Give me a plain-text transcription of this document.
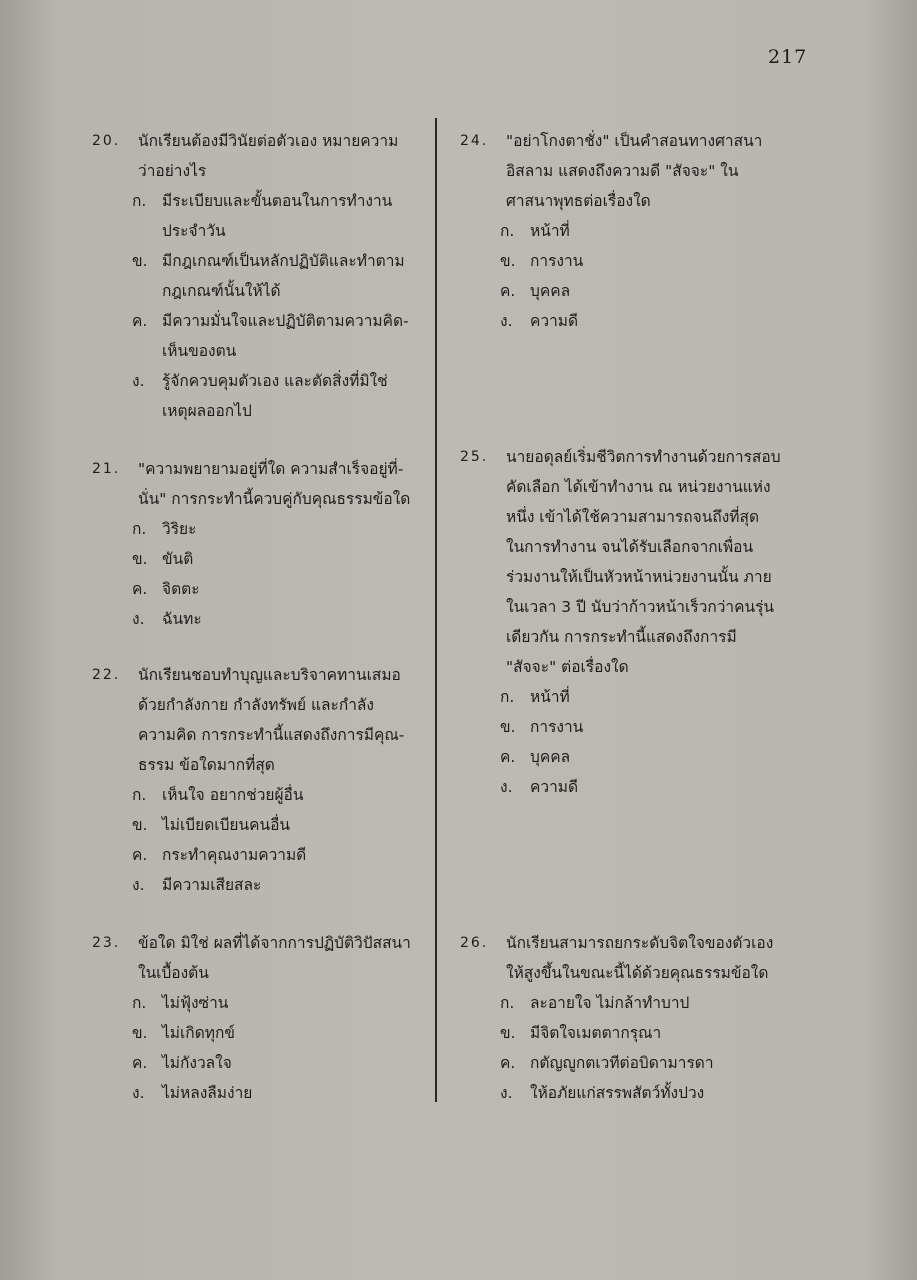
217
20.	นักเรียนต้องมีวินัยต่อตัวเอง หมายความ
ว่าอย่างไร
ก.	มีระเบียบและขั้นตอนในการทำงาน
ประจำวัน
ข. มีกฎเกณฑ์เป็นหลักปฏิบัติและทำตาม
กฎเกณฑ์นั้นให้ได้
ค. มีความมั่นใจและปฏิบัติตามความคิด-
เห็นของตน
ง.	รู้จักควบคุมตัวเอง และตัดสิ่งที่มิใช่
เหตุผลออกไป
21.	"ความพยายามอยู่ที่ใด ความสำเร็จอยู่ที่-
นั่น" การกระทำนี้ควบคู่กับคุณธรรมข้อใด
ก.	วิริยะ
ข. ขันติ
ค. จิตตะ
ง.	ฉันทะ
22.	นักเรียนชอบทำบุญและบริจาคทานเสมอ
ด้วยกำลังกาย กำลังทรัพย์ และกำลัง
ความคิด การกระทำนี้แสดงถึงการมีคุณ-
ธรรม ข้อใดมากที่สุด
ก.	เห็นใจ อยากช่วยผู้อื่น
ข. ไม่เบียดเบียนคนอื่น
ค. กระทำคุณงามความดี
ง.	มีความเสียสละ
23.	ข้อใด มิใช่ ผลที่ได้จากการปฏิบัติวิปัสสนา
ในเบื้องต้น
ก.	ไม่ฟุ้งซ่าน
ข. ไม่เกิดทุกข์
ค. ไม่กังวลใจ
ง.	ไม่หลงลืมง่าย
24.	"อย่าโกงตาชั่ง" เป็นคำสอนทางศาสนา
อิสลาม แสดงถึงความดี "สัจจะ" ใน
ศาสนาพุทธต่อเรื่องใด
ก.	หน้าที่
ข. การงาน
ค. บุคคล
ง.	ความดี
25.	นายอดุลย์เริ่มชีวิตการทำงานด้วยการสอบ
คัดเลือก ได้เข้าทำงาน ณ หน่วยงานแห่ง
หนึ่ง เข้าได้ใช้ความสามารถจนถึงที่สุด
ในการทำงาน จนได้รับเลือกจากเพื่อน
ร่วมงานให้เป็นหัวหน้าหน่วยงานนั้น ภาย
ในเวลา 3 ปี นับว่าก้าวหน้าเร็วกว่าคนรุ่น
เดียวกัน การกระทำนี้แสดงถึงการมี
"สัจจะ" ต่อเรื่องใด
ก.	หน้าที่
ข. การงาน
ค. บุคคล
ง.	ความดี
26.	นักเรียนสามารถยกระดับจิตใจของตัวเอง
ให้สูงขึ้นในขณะนี้ได้ด้วยคุณธรรมข้อใด
ก.	ละอายใจ ไม่กล้าทำบาป
ข. มีจิตใจเมตตากรุณา
ค. กตัญญูกตเวทีต่อบิดามารดา
ง.	ให้อภัยแก่สรรพสัตว์ทั้งปวง
